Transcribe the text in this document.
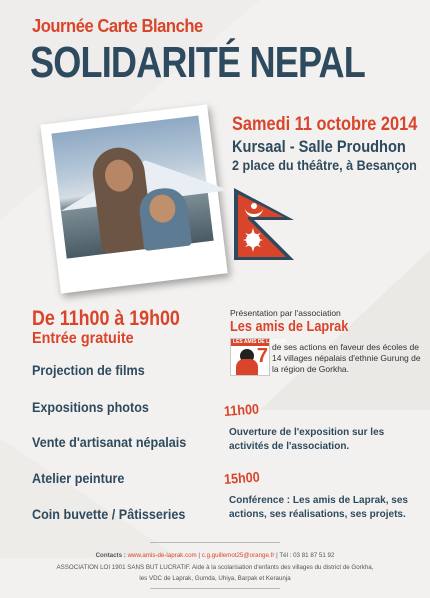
Journée Carte Blanche
SOLIDARITÉ NEPAL
Samedi 11 octobre 2014
Kursaal - Salle Proudhon
2 place du théâtre, à Besançon
De 11h00 à 19h00
Entrée gratuite
Projection de films
Expositions photos
Vente d'artisanat népalais
Atelier peinture
Coin buvette / Pâtisseries
Présentation par l'association
Les amis de Laprak
LES AMIS DE LAPRAK
7 de ses actions en faveur des écoles de 14 villages népalais d'ethnie Gurung de la région de Gorkha.
11h00
Ouverture de l'exposition sur les activités de l'association.
15h00
Conférence : Les amis de Laprak, ses actions, ses réalisations, ses projets.
Contacts : www.amis-de-laprak.com | c.g.guillemot25@orange.fr | Tél : 03 81 87 51 92
ASSOCIATION LOI 1901 SANS BUT LUCRATIF. Aide à la scolarisation d'enfants des villages du district de Gorkha,
les VDC de Laprak, Gumda, Uhiya, Barpak et Keraunja
